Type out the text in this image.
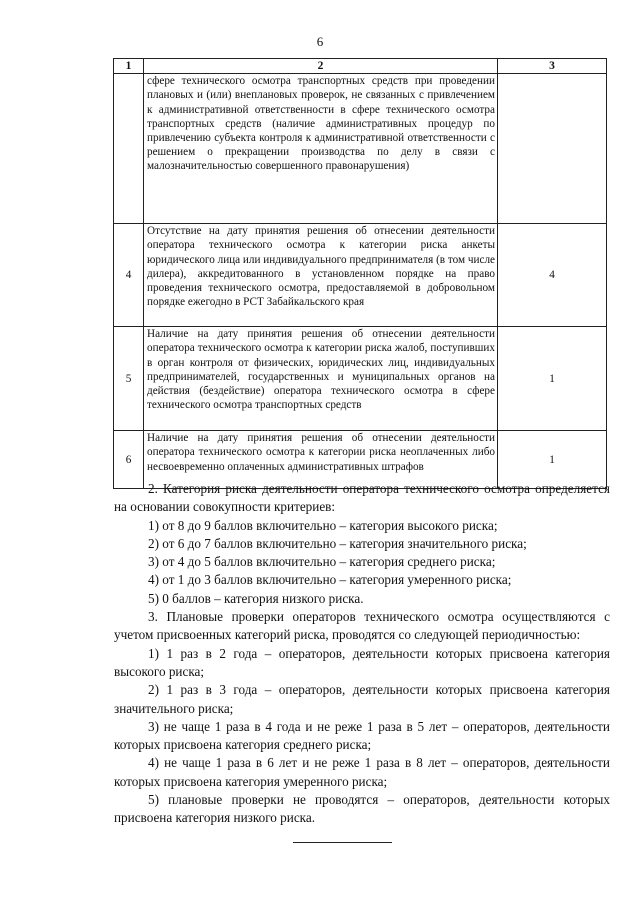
6
1	2	3
	сфере технического осмотра транспортных средств при проведении плановых и (или) внеплановых проверок, не связанных с привлечением к административной ответственности в сфере технического осмотра транспортных средств (наличие административных процедур по привлечению субъекта контроля к административной ответственности с решением о прекращении производства по делу в связи с малозначительностью совершенного правонарушения)	
4	Отсутствие на дату принятия решения об отнесении деятельности оператора технического осмотра к категории риска анкеты юридического лица или индивидуального предпринимателя (в том числе дилера), аккредитованного в установленном порядке на право проведения технического осмотра, предоставляемой в добровольном порядке ежегодно в РСТ Забайкальского края	4
5	Наличие на дату принятия решения об отнесении деятельности оператора технического осмотра к категории риска жалоб, поступивших в орган контроля от физических, юридических лиц, индивидуальных предпринимателей, государственных и муниципальных органов на действия (бездействие) оператора технического осмотра в сфере технического осмотра транспортных средств	1
6	Наличие на дату принятия решения об отнесении деятельности оператора технического осмотра к категории риска неоплаченных либо несвоевременно оплаченных административных штрафов	1

2. Категория риска деятельности оператора технического осмотра определяется на основании совокупности критериев:

1) от 8 до 9 баллов включительно – категория высокого риска;

2) от 6 до 7 баллов включительно – категория значительного риска;

3) от 4 до 5 баллов включительно – категория среднего риска;

4) от 1 до 3 баллов включительно – категория умеренного риска;

5) 0 баллов – категория низкого риска.

3. Плановые проверки операторов технического осмотра осуществляются с учетом присвоенных категорий риска, проводятся со следующей периодичностью:

1) 1 раз в 2 года – операторов, деятельности которых присвоена категория высокого риска;

2) 1 раз в 3 года – операторов, деятельности которых присвоена категория значительного риска;

3) не чаще 1 раза в 4 года и не реже 1 раза в 5 лет – операторов, деятельности которых присвоена категория среднего риска;

4) не чаще 1 раза в 6 лет и не реже 1 раза в 8 лет – операторов, деятельности которых присвоена категория умеренного риска;

5) плановые проверки не проводятся – операторов, деятельности которых присвоена категория низкого риска.
